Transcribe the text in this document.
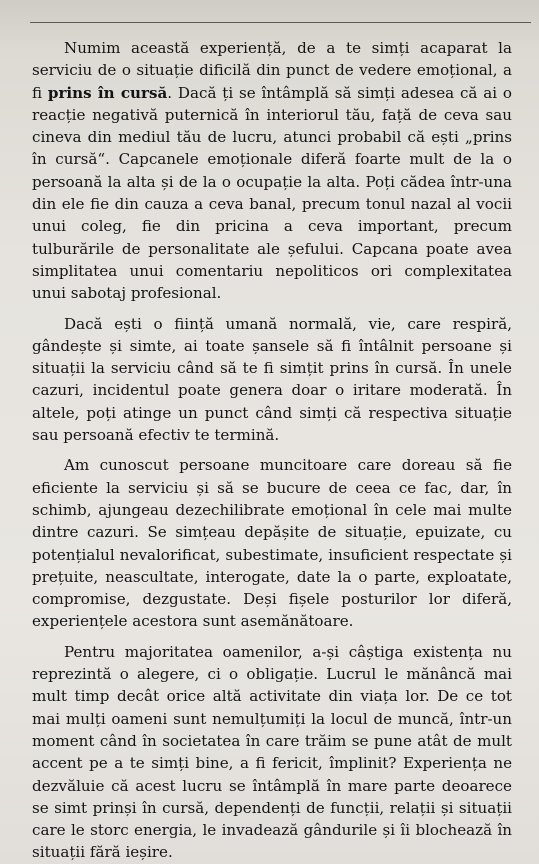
Numim această experiență, de a te simți acaparat la serviciu de o situație dificilă din punct de vedere emoțional, a fi prins în cursă. Dacă ți se întâmplă să simți adesea că ai o reacție negativă puternică în interiorul tău, față de ceva sau cineva din mediul tău de lucru, atunci probabil că ești „prins în cursă“. Capcanele emoționale diferă foarte mult de la o persoană la alta și de la o ocupație la alta. Poți cădea într-una din ele fie din cauza a ceva banal, precum tonul nazal al vocii unui coleg, fie din pricina a ceva important, precum tulburările de personalitate ale șefului. Capcana poate avea simplitatea unui comentariu nepoliticos ori complexitatea unui sabotaj profesional.

Dacă ești o ființă umană normală, vie, care respiră, gândește și simte, ai toate șansele să fi întâlnit persoane și situații la serviciu când să te fi simțit prins în cursă. În unele cazuri, incidentul poate genera doar o iritare moderată. În altele, poți atinge un punct când simți că respectiva situație sau persoană efectiv te termină.

Am cunoscut persoane muncitoare care doreau să fie eficiente la serviciu și să se bucure de ceea ce fac, dar, în schimb, ajungeau dezechilibrate emoțional în cele mai multe dintre cazuri. Se simțeau depășite de situație, epuizate, cu potențialul nevalorificat, subestimate, insuficient respectate și prețuite, neascultate, interogate, date la o parte, exploatate, compromise, dezgustate. Deși fișele posturilor lor diferă, experiențele acestora sunt asemănătoare.

Pentru majoritatea oamenilor, a-și câștiga existența nu reprezintă o alegere, ci o obligație. Lucrul le mănâncă mai mult timp decât orice altă activitate din viața lor. De ce tot mai mulți oameni sunt nemulțumiți la locul de muncă, într-un moment când în societatea în care trăim se pune atât de mult accent pe a te simți bine, a fi fericit, împlinit? Experiența ne dezvăluie că acest lucru se întâmplă în mare parte deoarece se simt prinși în cursă, dependenți de funcții, relații și situații care le storc energia, le invadează gândurile și îi blochează în situații fără ieșire.
